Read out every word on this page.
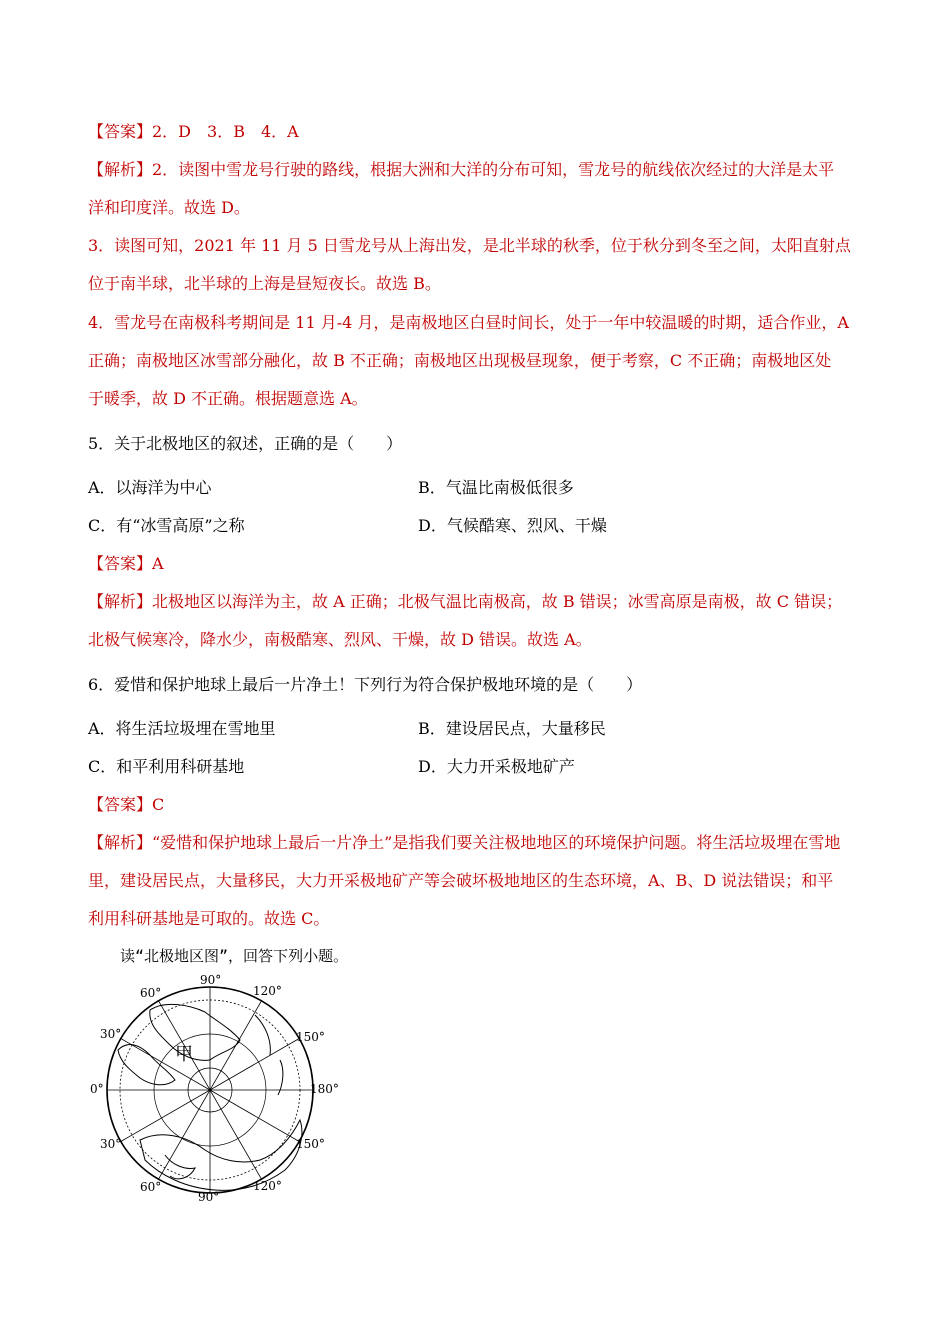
【答案】2．D　3．B　4．A
【解析】2．读图中雪龙号行驶的路线，根据大洲和大洋的分布可知，雪龙号的航线依次经过的大洋是太平
洋和印度洋。故选 D。
3．读图可知，2021 年 11 月 5 日雪龙号从上海出发，是北半球的秋季，位于秋分到冬至之间，太阳直射点
位于南半球，北半球的上海是昼短夜长。故选 B。
4．雪龙号在南极科考期间是 11 月-4 月，是南极地区白昼时间长，处于一年中较温暖的时期，适合作业，A
正确；南极地区冰雪部分融化，故 B 不正确；南极地区出现极昼现象，便于考察，C 不正确；南极地区处
于暖季，故 D 不正确。根据题意选 A。
5．关于北极地区的叙述，正确的是（　　）
A．以海洋为中心	B．气温比南极低很多
C．有“冰雪高原”之称	D．气候酷寒、烈风、干燥
【答案】A
【解析】北极地区以海洋为主，故 A 正确；北极气温比南极高，故 B 错误；冰雪高原是南极，故 C 错误；
北极气候寒冷，降水少，南极酷寒、烈风、干燥，故 D 错误。故选 A。
6．爱惜和保护地球上最后一片净土！下列行为符合保护极地环境的是（　　）
A．将生活垃圾埋在雪地里	B．建设居民点，大量移民
C．和平利用科研基地	D．大力开采极地矿产
【答案】C
【解析】“爱惜和保护地球上最后一片净土”是指我们要关注极地地区的环境保护问题。将生活垃圾埋在雪地
里，建设居民点，大量移民，大力开采极地矿产等会破坏极地地区的生态环境，A、B、D 说法错误；和平
利用科研基地是可取的。故选 C。
读“北极地区图”，回答下列小题。
甲
90°
90°
60°
60°
120°
120°
30°
30°
0°	180°
150°
150°
